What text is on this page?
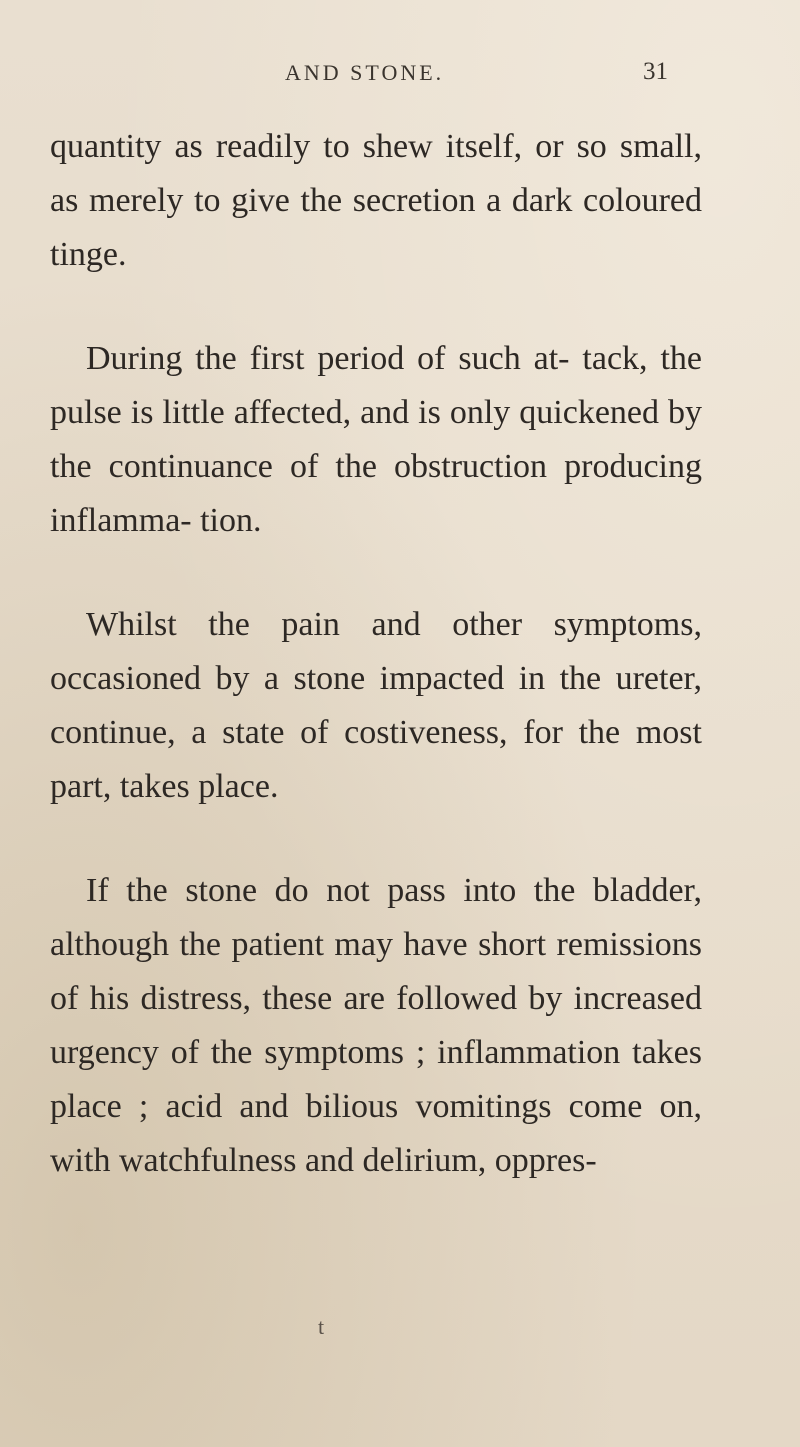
AND STONE.	31

quantity as readily to shew itself, or so small, as merely to give the secretion a dark coloured tinge.

During the first period of such at- tack, the pulse is little affected, and is only quickened by the continuance of the obstruction producing inflamma- tion.

Whilst the pain and other symptoms, occasioned by a stone impacted in the ureter, continue, a state of costiveness, for the most part, takes place.

If the stone do not pass into the bladder, although the patient may have short remissions of his distress, these are followed by increased urgency of the symptoms ; inflammation takes place ; acid and bilious vomitings come on, with watchfulness and delirium, oppres-

t
